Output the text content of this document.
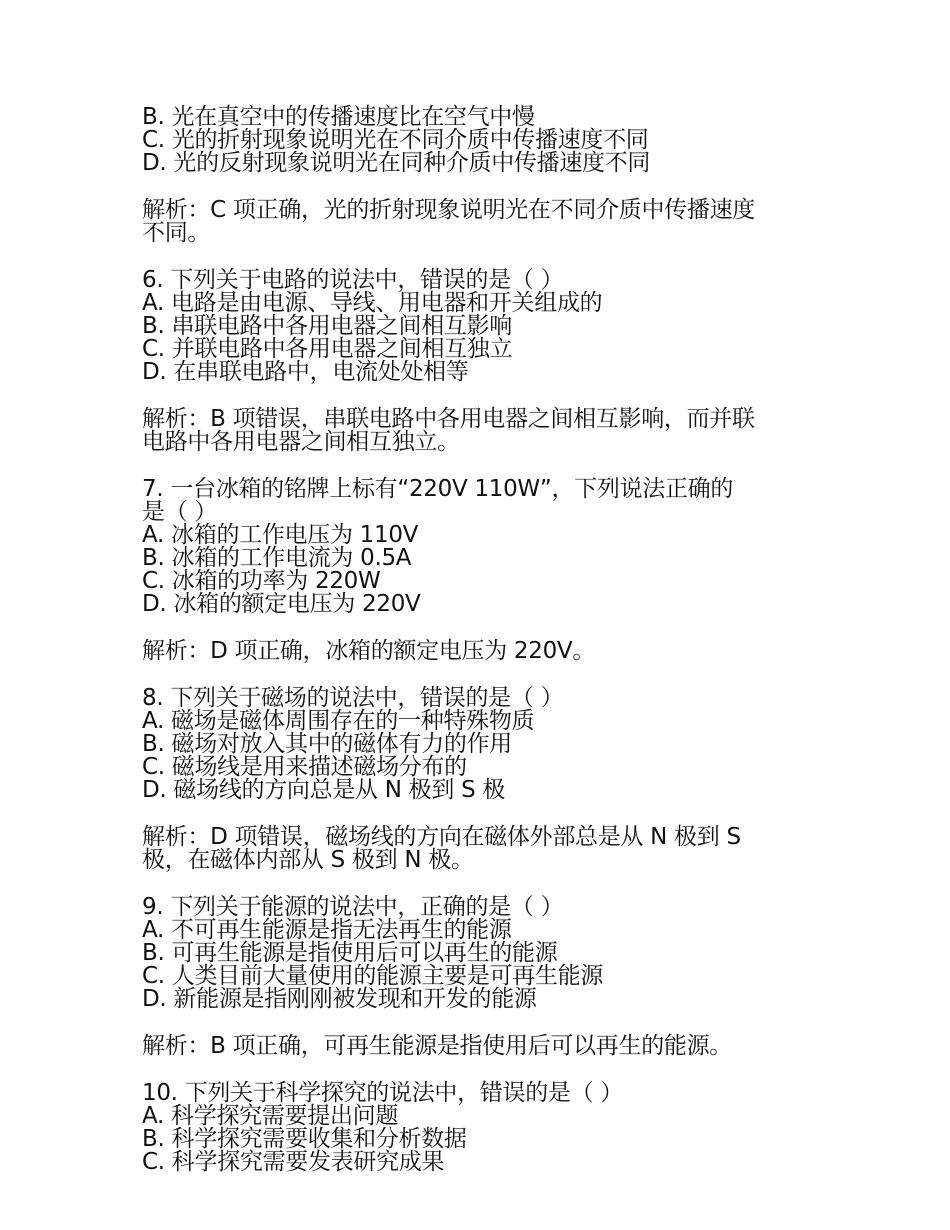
B. 光在真空中的传播速度比在空气中慢
C. 光的折射现象说明光在不同介质中传播速度不同
D. 光的反射现象说明光在同种介质中传播速度不同
解析：C 项正确，光的折射现象说明光在不同介质中传播速度
不同。
6. 下列关于电路的说法中，错误的是（ ）
A. 电路是由电源、导线、用电器和开关组成的
B. 串联电路中各用电器之间相互影响
C. 并联电路中各用电器之间相互独立
D. 在串联电路中，电流处处相等
解析：B 项错误，串联电路中各用电器之间相互影响，而并联
电路中各用电器之间相互独立。
7. 一台冰箱的铭牌上标有“220V 110W”，下列说法正确的
是（ ）
A. 冰箱的工作电压为 110V
B. 冰箱的工作电流为 0.5A
C. 冰箱的功率为 220W
D. 冰箱的额定电压为 220V
解析：D 项正确，冰箱的额定电压为 220V。
8. 下列关于磁场的说法中，错误的是（ ）
A. 磁场是磁体周围存在的一种特殊物质
B. 磁场对放入其中的磁体有力的作用
C. 磁场线是用来描述磁场分布的
D. 磁场线的方向总是从 N 极到 S 极
解析：D 项错误，磁场线的方向在磁体外部总是从 N 极到 S
极，在磁体内部从 S 极到 N 极。
9. 下列关于能源的说法中，正确的是（ ）
A. 不可再生能源是指无法再生的能源
B. 可再生能源是指使用后可以再生的能源
C. 人类目前大量使用的能源主要是可再生能源
D. 新能源是指刚刚被发现和开发的能源
解析：B 项正确，可再生能源是指使用后可以再生的能源。
10. 下列关于科学探究的说法中，错误的是（ ）
A. 科学探究需要提出问题
B. 科学探究需要收集和分析数据
C. 科学探究需要发表研究成果
